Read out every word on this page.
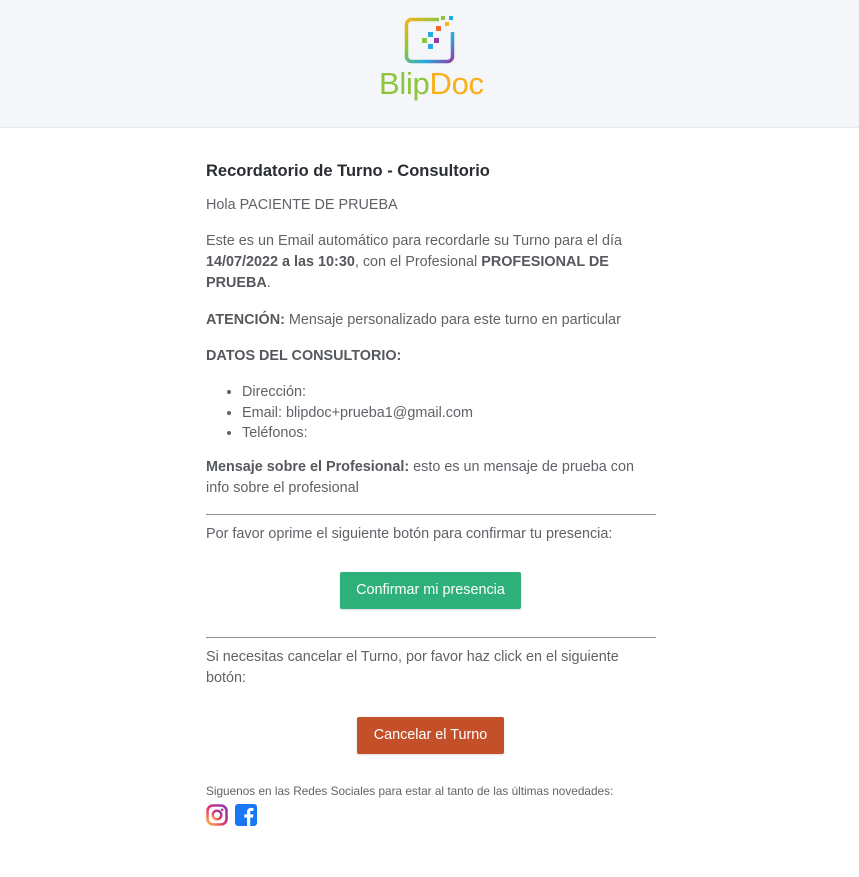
BlipDoc
Recordatorio de Turno - Consultorio

Hola PACIENTE DE PRUEBA

Este es un Email automático para recordarle su Turno para el día 14/07/2022 a las 10:30, con el Profesional PROFESIONAL DE PRUEBA.

ATENCIÓN: Mensaje personalizado para este turno en particular

DATOS DEL CONSULTORIO:

• Dirección:
• Email: blipdoc+prueba1@gmail.com
• Teléfonos:

Mensaje sobre el Profesional: esto es un mensaje de prueba con info sobre el profesional

Por favor oprime el siguiente botón para confirmar tu presencia:

Confirmar mi presencia

Si necesitas cancelar el Turno, por favor haz click en el siguiente botón:

Cancelar el Turno
Siguenos en las Redes Sociales para estar al tanto de las últimas novedades:
